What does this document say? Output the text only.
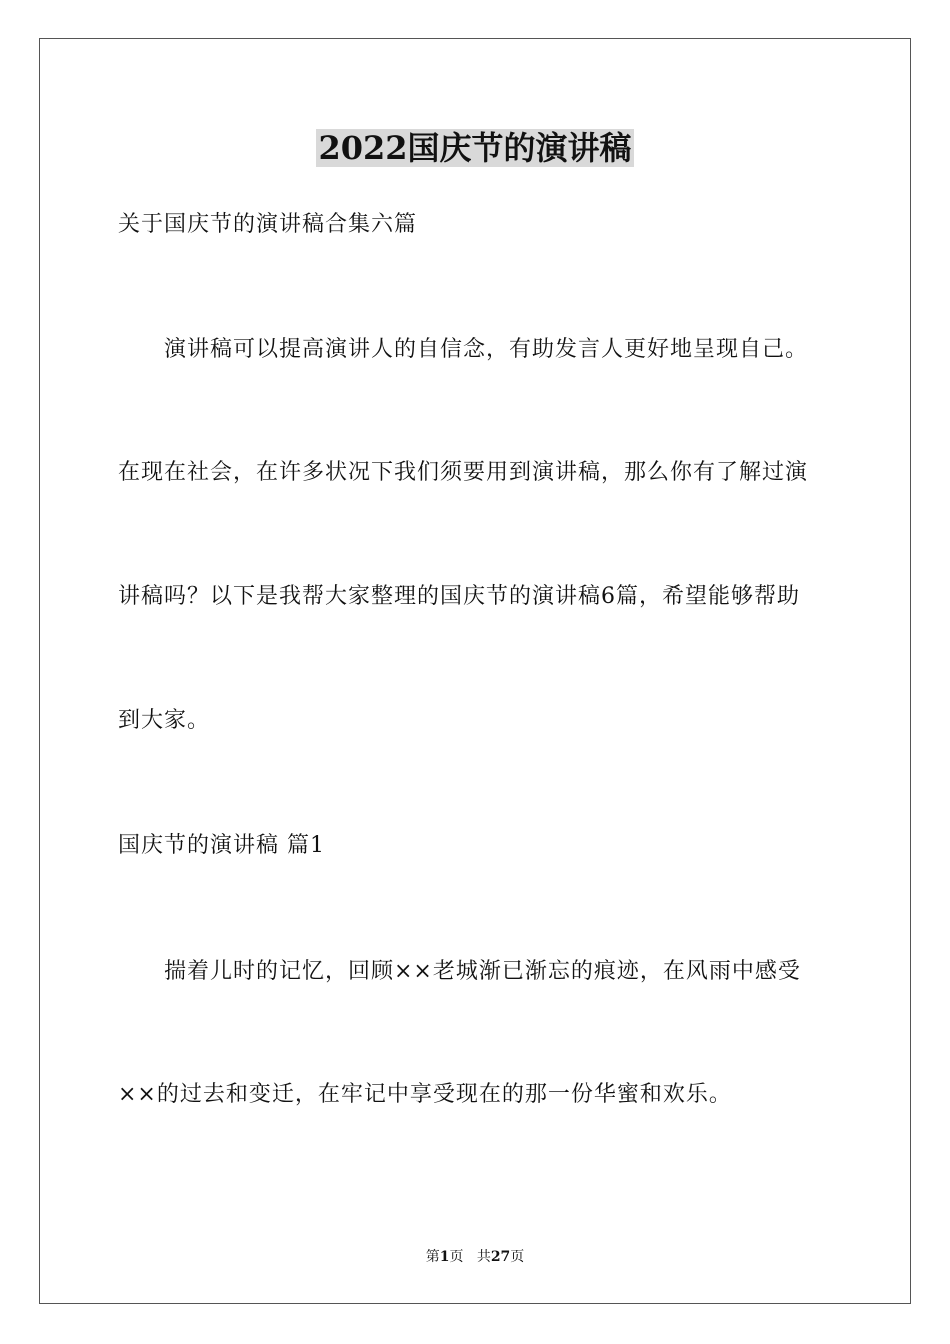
2022国庆节的演讲稿
关于国庆节的演讲稿合集六篇
演讲稿可以提高演讲人的自信念，有助发言人更好地呈现自己。
在现在社会，在许多状况下我们须要用到演讲稿，那么你有了解过演
讲稿吗？以下是我帮大家整理的国庆节的演讲稿6篇，希望能够帮助
到大家。
国庆节的演讲稿 篇1
揣着儿时的记忆，回顾××老城渐已渐忘的痕迹，在风雨中感受
××的过去和变迁，在牢记中享受现在的那一份华蜜和欢乐。
第1页 共27页
